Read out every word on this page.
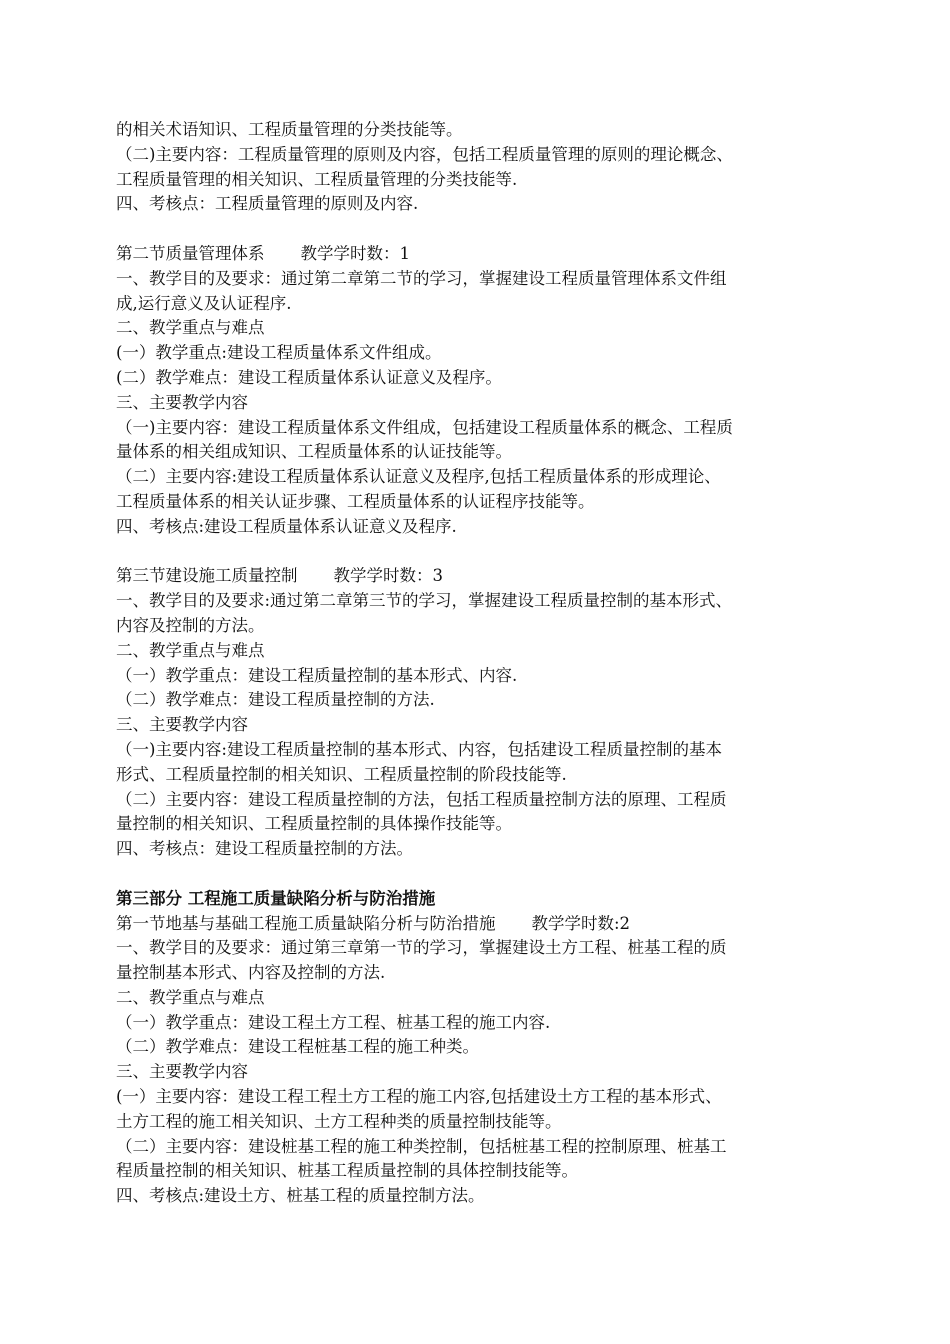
的相关术语知识、工程质量管理的分类技能等。
（二)主要内容：工程质量管理的原则及内容，包括工程质量管理的原则的理论概念、
工程质量管理的相关知识、工程质量管理的分类技能等.
四、考核点：工程质量管理的原则及内容.
第二节质量管理体系 教学学时数：1
一、教学目的及要求：通过第二章第二节的学习，掌握建设工程质量管理体系文件组
成,运行意义及认证程序.
二、教学重点与难点
(一）教学重点:建设工程质量体系文件组成。
(二）教学难点：建设工程质量体系认证意义及程序。
三、主要教学内容
（一)主要内容：建设工程质量体系文件组成，包括建设工程质量体系的概念、工程质
量体系的相关组成知识、工程质量体系的认证技能等。
（二）主要内容:建设工程质量体系认证意义及程序,包括工程质量体系的形成理论、
工程质量体系的相关认证步骤、工程质量体系的认证程序技能等。
四、考核点:建设工程质量体系认证意义及程序.
第三节建设施工质量控制 教学学时数：3
一、教学目的及要求:通过第二章第三节的学习，掌握建设工程质量控制的基本形式、
内容及控制的方法。
二、教学重点与难点
（一）教学重点：建设工程质量控制的基本形式、内容.
（二）教学难点：建设工程质量控制的方法.
三、主要教学内容
（一)主要内容:建设工程质量控制的基本形式、内容，包括建设工程质量控制的基本
形式、工程质量控制的相关知识、工程质量控制的阶段技能等.
（二）主要内容：建设工程质量控制的方法，包括工程质量控制方法的原理、工程质
量控制的相关知识、工程质量控制的具体操作技能等。
四、考核点：建设工程质量控制的方法。
第三部分 工程施工质量缺陷分析与防治措施
第一节地基与基础工程施工质量缺陷分析与防治措施 教学学时数:2
一、教学目的及要求：通过第三章第一节的学习，掌握建设土方工程、桩基工程的质
量控制基本形式、内容及控制的方法.
二、教学重点与难点
（一）教学重点：建设工程土方工程、桩基工程的施工内容.
（二）教学难点：建设工程桩基工程的施工种类。
三、主要教学内容
(一）主要内容：建设工程工程土方工程的施工内容,包括建设土方工程的基本形式、
土方工程的施工相关知识、土方工程种类的质量控制技能等。
（二）主要内容：建设桩基工程的施工种类控制，包括桩基工程的控制原理、桩基工
程质量控制的相关知识、桩基工程质量控制的具体控制技能等。
四、考核点:建设土方、桩基工程的质量控制方法。
